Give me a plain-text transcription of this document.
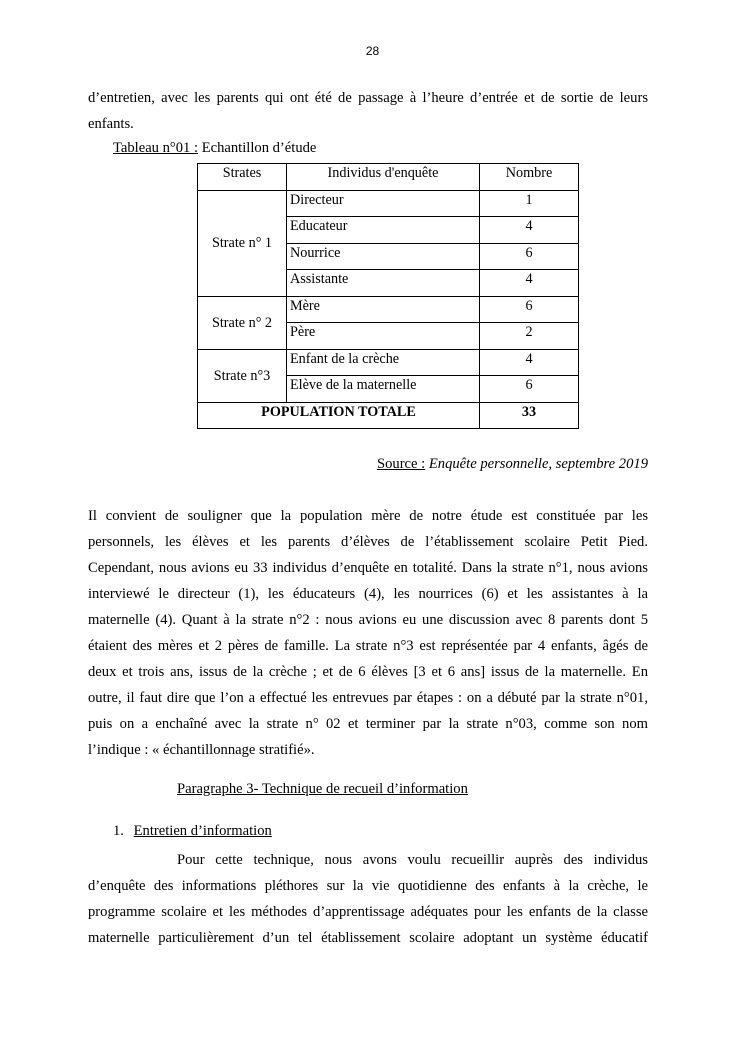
28
d’entretien, avec les parents qui ont été de passage à l’heure d’entrée et de sortie de leurs
enfants.
Tableau n°01 : Echantillon d’étude
Strates	Individus d'enquête	Nombre
Strate n° 1	Directeur	1
	Educateur	4
	Nourrice	6
	Assistante	4
Strate n° 2	Mère	6
	Père	2
Strate n°3	Enfant de la crèche	4
	Elève de la maternelle	6
POPULATION TOTALE		33
Source : Enquête personnelle, septembre 2019
Il convient de souligner que la population mère de notre étude est constituée par les
personnels, les élèves et les parents d’élèves de l’établissement scolaire Petit Pied.
Cependant, nous avions eu 33 individus d’enquête en totalité. Dans la strate n°1, nous avions
interviewé le directeur (1), les éducateurs (4), les nourrices (6) et les assistantes à la
maternelle (4). Quant à la strate n°2 : nous avions eu une discussion avec 8 parents dont 5
étaient des mères et 2 pères de famille. La strate n°3 est représentée par 4 enfants, âgés de
deux et trois ans, issus de la crèche ; et de 6 élèves [3 et 6 ans] issus de la maternelle. En
outre, il faut dire que l’on a effectué les entrevues par étapes : on a débuté par la strate n°01,
puis on a enchaîné avec la strate n° 02 et terminer par la strate n°03, comme son nom
l’indique : « échantillonnage stratifié».
Paragraphe 3- Technique de recueil d’information
1. Entretien d’information
Pour cette technique, nous avons voulu recueillir auprès des individus
d’enquête des informations pléthores sur la vie quotidienne des enfants à la crèche, le
programme scolaire et les méthodes d’apprentissage adéquates pour les enfants de la classe
maternelle particulièrement d’un tel établissement scolaire adoptant un système éducatif
